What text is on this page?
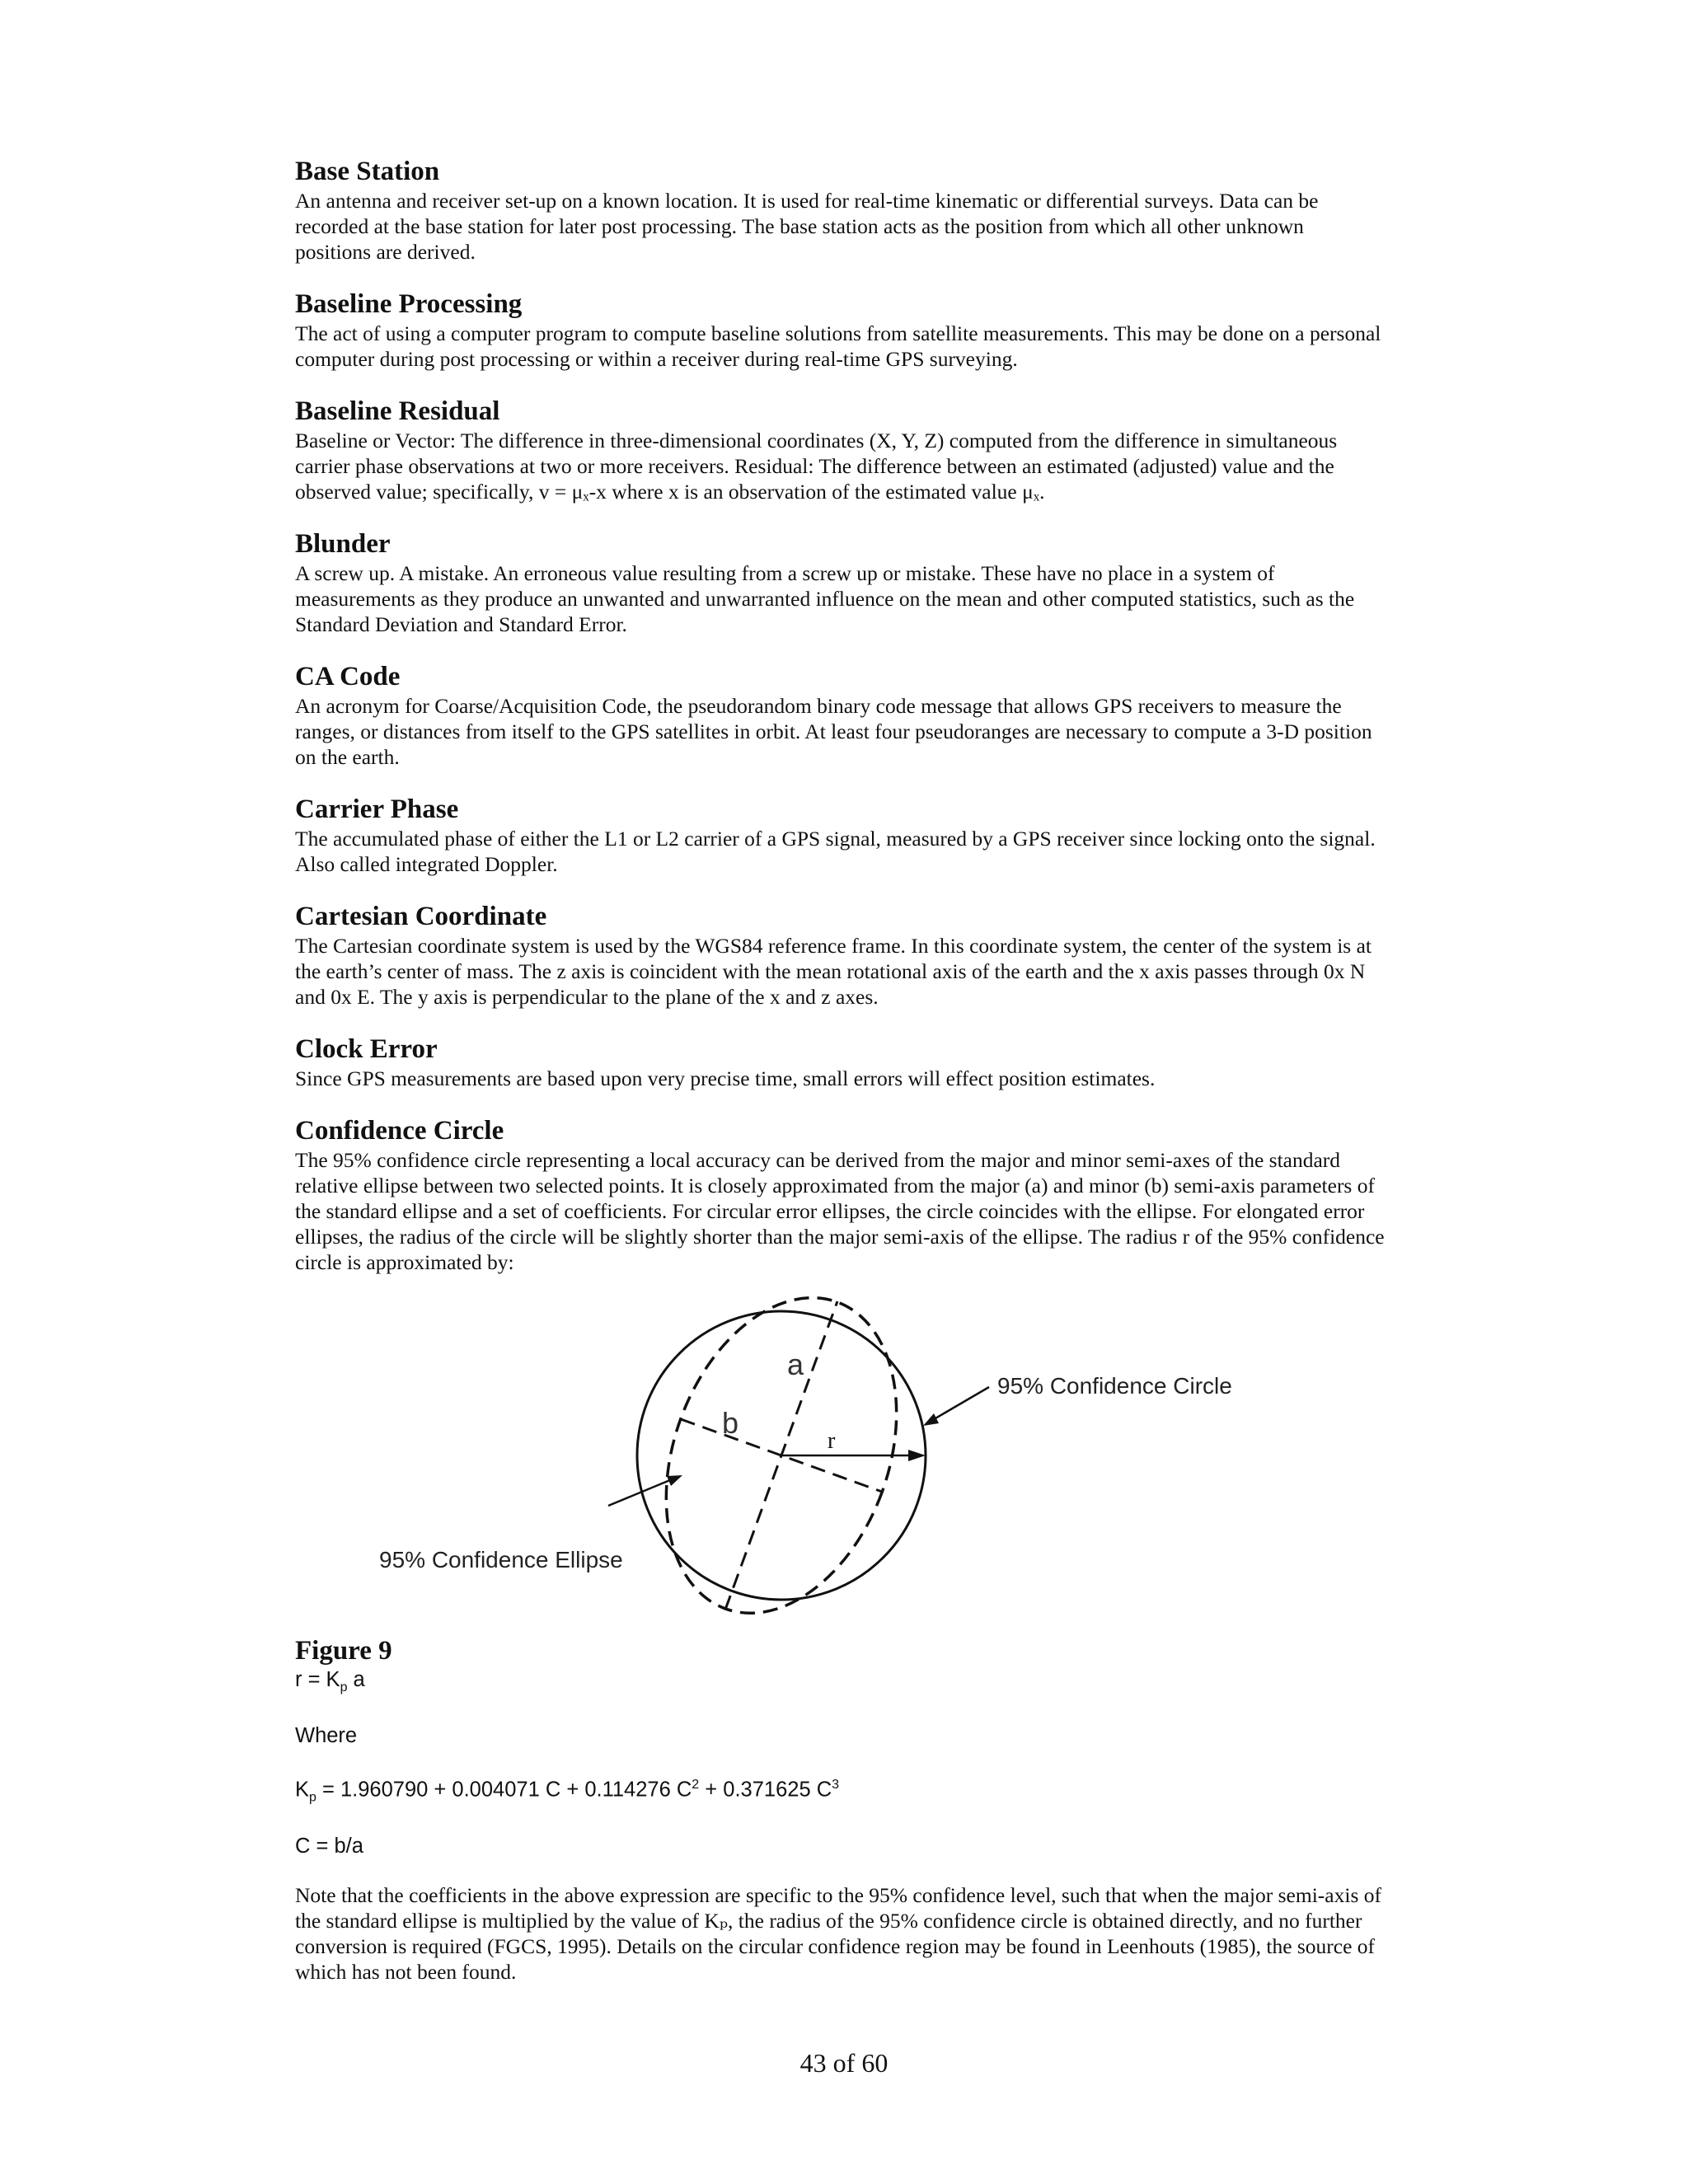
Base Station

An antenna and receiver set-up on a known location. It is used for real-time kinematic or differential surveys. Data can be recorded at the base station for later post processing. The base station acts as the position from which all other unknown positions are derived.

Baseline Processing

The act of using a computer program to compute baseline solutions from satellite measurements. This may be done on a personal computer during post processing or within a receiver during real-time GPS surveying.

Baseline Residual

Baseline or Vector: The difference in three-dimensional coordinates (X, Y, Z) computed from the difference in simultaneous carrier phase observations at two or more receivers. Residual: The difference between an estimated (adjusted) value and the observed value; specifically, v = μₓ-x where x is an observation of the estimated value μₓ.

Blunder

A screw up. A mistake. An erroneous value resulting from a screw up or mistake. These have no place in a system of measurements as they produce an unwanted and unwarranted influence on the mean and other computed statistics, such as the Standard Deviation and Standard Error.

CA Code

An acronym for Coarse/Acquisition Code, the pseudorandom binary code message that allows GPS receivers to measure the ranges, or distances from itself to the GPS satellites in orbit. At least four pseudoranges are necessary to compute a 3-D position on the earth.

Carrier Phase

The accumulated phase of either the L1 or L2 carrier of a GPS signal, measured by a GPS receiver since locking onto the signal. Also called integrated Doppler.

Cartesian Coordinate

The Cartesian coordinate system is used by the WGS84 reference frame. In this coordinate system, the center of the system is at the earth’s center of mass. The z axis is coincident with the mean rotational axis of the earth and the x axis passes through 0x N and 0x E. The y axis is perpendicular to the plane of the x and z axes.

Clock Error

Since GPS measurements are based upon very precise time, small errors will effect position estimates.

Confidence Circle

The 95% confidence circle representing a local accuracy can be derived from the major and minor semi-axes of the standard relative ellipse between two selected points. It is closely approximated from the major (a) and minor (b) semi-axis parameters of the standard ellipse and a set of coefficients. For circular error ellipses, the circle coincides with the ellipse. For elongated error ellipses, the radius of the circle will be slightly shorter than the major semi-axis of the ellipse. The radius r of the 95% confidence circle is approximated by:

a
b
r
95% Confidence Circle
95% Confidence Ellipse

Figure 9

$r = K_p$ a

Where

$K_p = 1.960790 + 0.004071$ C + 0.114276 $C^2 + 0.371625$ $C^3$

C = b/a

Note that the coefficients in the above expression are specific to the 95% confidence level, such that when the major semi-axis of the standard ellipse is multiplied by the value of Kₚ, the radius of the 95% confidence circle is obtained directly, and no further conversion is required (FGCS, 1995). Details on the circular confidence region may be found in Leenhouts (1985), the source of which has not been found.

43 of 60
